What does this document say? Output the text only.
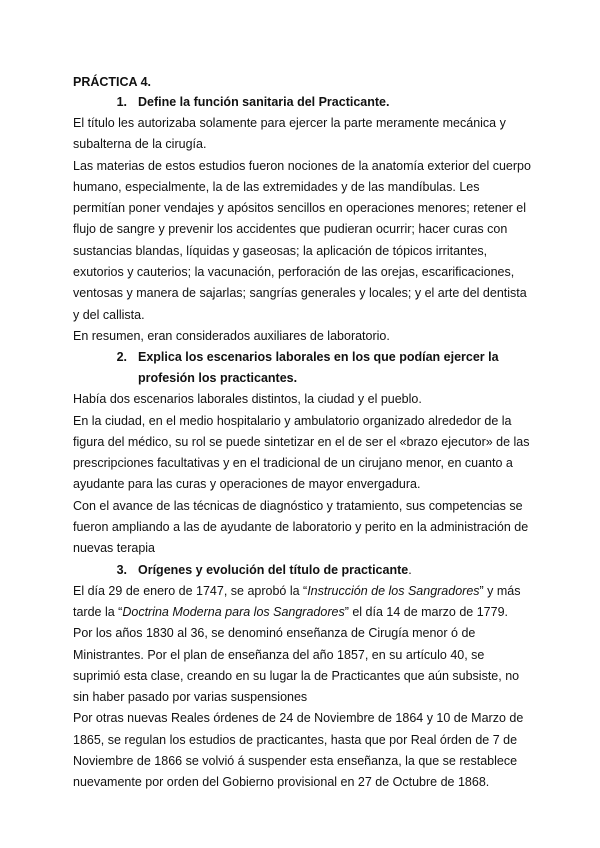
PRÁCTICA 4.

1. Define la función sanitaria del Practicante.

El título les autorizaba solamente para ejercer la parte meramente mecánica y subalterna de la cirugía.

Las materias de estos estudios fueron nociones de la anatomía exterior del cuerpo humano, especialmente, la de las extremidades y de las mandíbulas. Les permitían poner vendajes y apósitos sencillos en operaciones menores; retener el flujo de sangre y prevenir los accidentes que pudieran ocurrir; hacer curas con sustancias blandas, líquidas y gaseosas; la aplicación de tópicos irritantes, exutorios y cauterios; la vacunación, perforación de las orejas, escarificaciones, ventosas y manera de sajarlas; sangrías generales y locales; y el arte del dentista y del callista.

En resumen, eran considerados auxiliares de laboratorio.

2. Explica los escenarios laborales en los que podían ejercer la profesión los practicantes.

Había dos escenarios laborales distintos, la ciudad y el pueblo.

En la ciudad, en el medio hospitalario y ambulatorio organizado alrededor de la figura del médico, su rol se puede sintetizar en el de ser el «brazo ejecutor» de las prescripciones facultativas y en el tradicional de un cirujano menor, en cuanto a ayudante para las curas y operaciones de mayor envergadura.

Con el avance de las técnicas de diagnóstico y tratamiento, sus competencias se fueron ampliando a las de ayudante de laboratorio y perito en la administración de nuevas terapia

3. Orígenes y evolución del título de practicante.

El día 29 de enero de 1747, se aprobó la “Instrucción de los Sangradores” y más tarde la “Doctrina Moderna para los Sangradores” el día 14 de marzo de 1779.

Por los años 1830 al 36, se denominó enseñanza de Cirugía menor ó de Ministrantes. Por el plan de enseñanza del año 1857, en su artículo 40, se suprimió esta clase, creando en su lugar la de Practicantes que aún subsiste, no sin haber pasado por varias suspensiones

Por otras nuevas Reales órdenes de 24 de Noviembre de 1864 y 10 de Marzo de 1865, se regulan los estudios de practicantes, hasta que por Real órden de 7 de Noviembre de 1866 se volvió á suspender esta enseñanza, la que se restablece nuevamente por orden del Gobierno provisional en 27 de Octubre de 1868.
